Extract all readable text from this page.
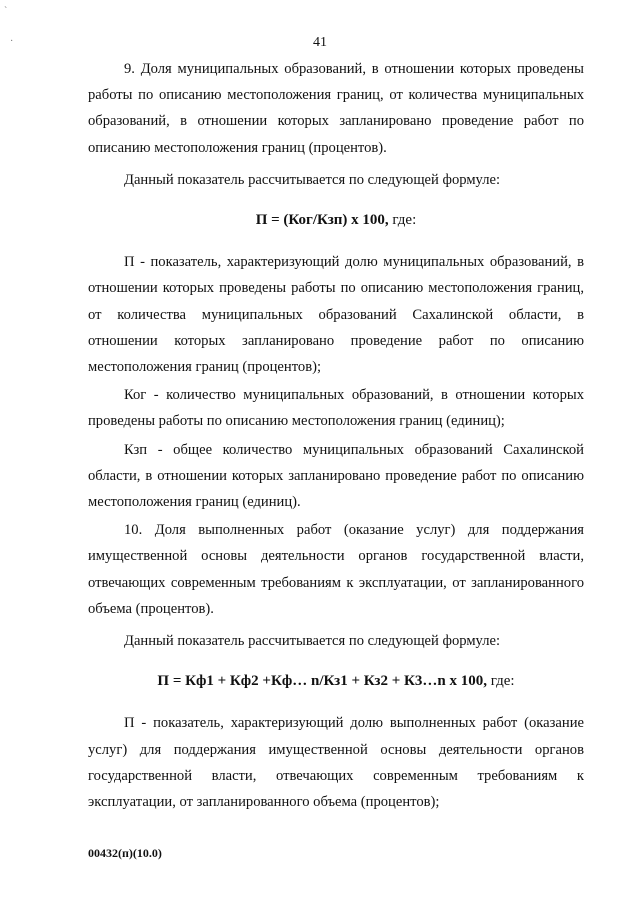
ˋ
·	41

9. Доля муниципальных образований, в отношении которых проведены работы по описанию местоположения границ, от количества муниципальных образований, в отношении которых запланировано проведение работ по описанию местоположения границ (процентов).

Данный показатель рассчитывается по следующей формуле:

П = (Ког/Кзп) х 100, где:

П - показатель, характеризующий долю муниципальных образований, в отношении которых проведены работы по описанию местоположения границ, от количества муниципальных образований Сахалинской области, в отношении которых запланировано проведение работ по описанию местоположения границ (процентов);

Ког - количество муниципальных образований, в отношении которых проведены работы по описанию местоположения границ (единиц);

Кзп - общее количество муниципальных образований Сахалинской области, в отношении которых запланировано проведение работ по описанию местоположения границ (единиц).

10. Доля выполненных работ (оказание услуг) для поддержания имущественной основы деятельности органов государственной власти, отвечающих современным требованиям к эксплуатации, от запланированного объема (процентов).

Данный показатель рассчитывается по следующей формуле:

П = Кф1 + Кф2 +Кф… n/Кз1 + Кз2 + К3…n х 100, где:

П - показатель, характеризующий долю выполненных работ (оказание услуг) для поддержания имущественной основы деятельности органов государственной власти, отвечающих современным требованиям к эксплуатации, от запланированного объема (процентов);

00432(п)(10.0)
